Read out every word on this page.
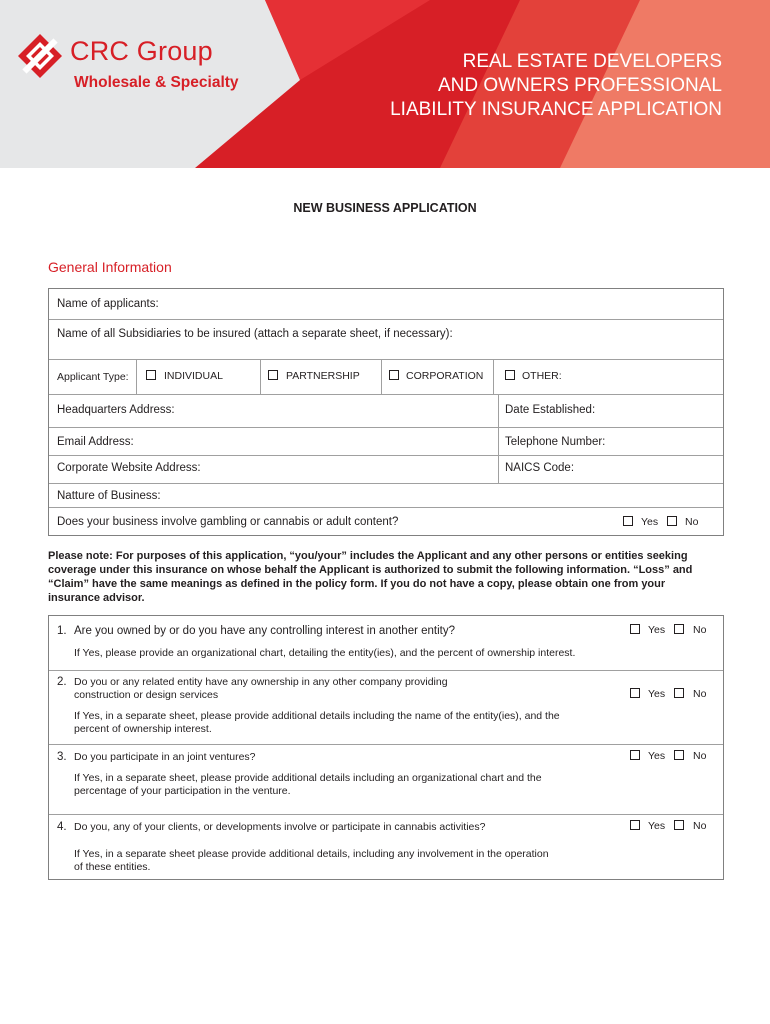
CRC Group
Wholesale & Specialty
REAL ESTATE DEVELOPERS
AND OWNERS PROFESSIONAL
LIABILITY INSURANCE APPLICATION
NEW BUSINESS APPLICATION
General Information
Name of applicants:
Name of all Subsidiaries to be insured (attach a separate sheet, if necessary):
Applicant Type:	INDIVIDUAL	PARTNERSHIP	CORPORATION	OTHER:
Headquarters Address:	Date Established:
Email Address:	Telephone Number:
Corporate Website Address:	NAICS Code:
Natture of Business:
Does your business involve gambling or cannabis or adult content?	Yes	No
Please note: For purposes of this application, “you/your” includes the Applicant and any other persons or entities seeking
coverage under this insurance on whose behalf the Applicant is authorized to submit the following information. “Loss” and
“Claim” have the same meanings as defined in the policy form. If you do not have a copy, please obtain one from your
insurance advisor.
1. Are you owned by or do you have any controlling interest in another entity?	Yes	No
If Yes, please provide an organizational chart, detailing the entity(ies), and the percent of ownership interest.
2. Do you or any related entity have any ownership in any other company providing
construction or design services	Yes	No
If Yes, in a separate sheet, please provide additional details including the name of the entity(ies), and the
percent of ownership interest.
3. Do you participate in an joint ventures?	Yes	No
If Yes, in a separate sheet, please provide additional details including an organizational chart and the
percentage of your participation in the venture.
4. Do you, any of your clients, or developments involve or participate in cannabis activities?	Yes	No
If Yes, in a separate sheet please provide additional details, including any involvement in the operation
of these entities.
